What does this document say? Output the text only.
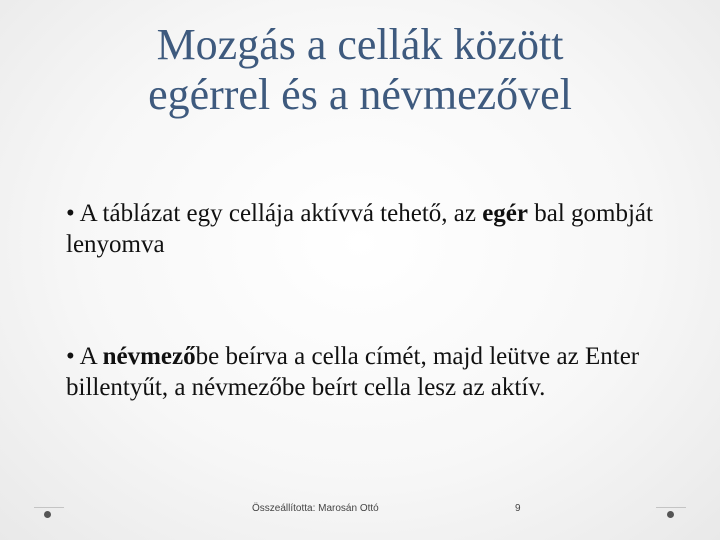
Mozgás a cellák között
egérrel és a névmezővel

• A táblázat egy cellája aktívvá tehető, az egér bal gombját lenyomva

• A névmezőbe beírva a cella címét, majd leütve az Enter billentyűt, a névmezőbe beírt cella lesz az aktív.

Összeállította: Marosán Ottó	9
